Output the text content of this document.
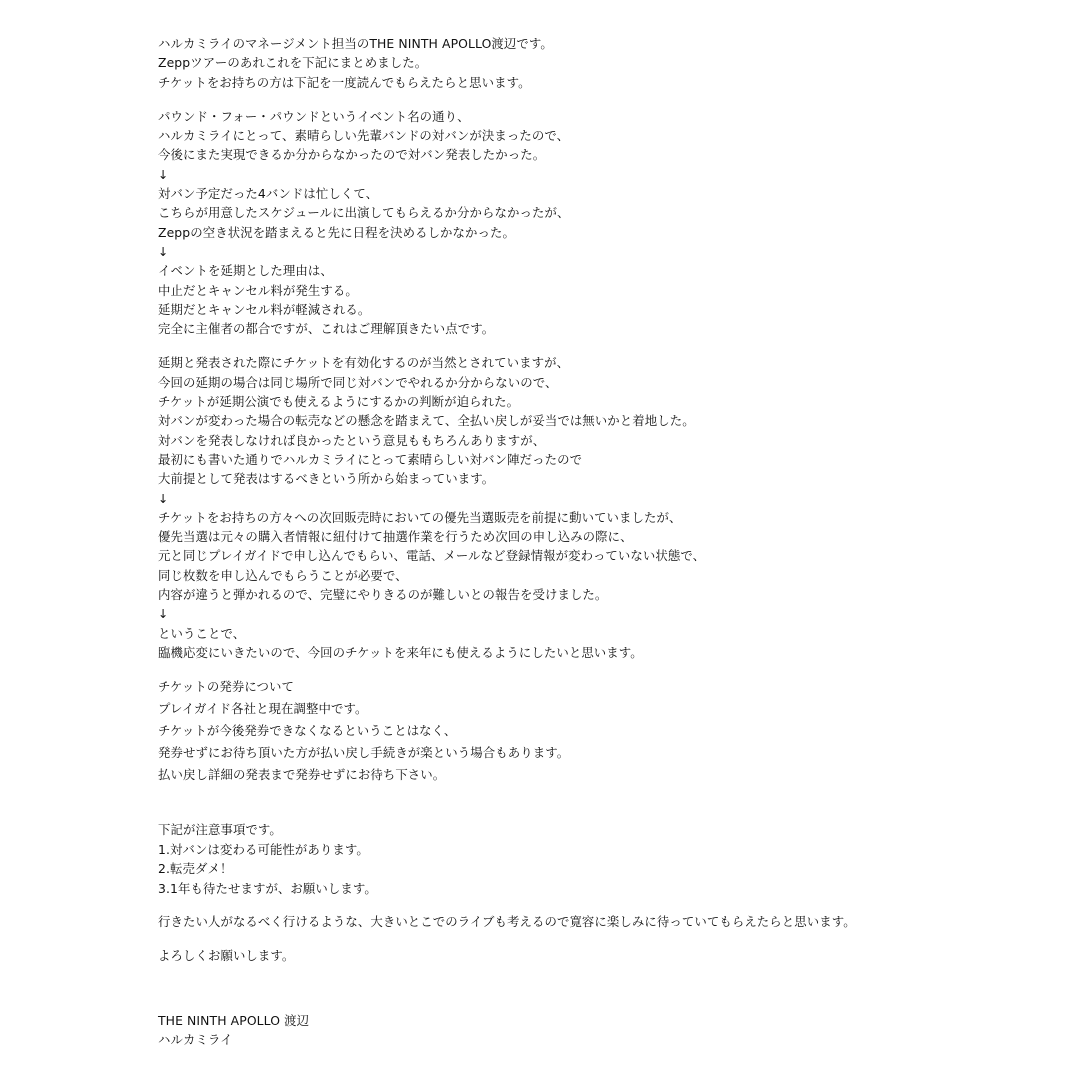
ハルカミライのマネージメント担当のTHE NINTH APOLLO渡辺です。
Zeppツアーのあれこれを下記にまとめました。
チケットをお持ちの方は下記を一度読んでもらえたらと思います。
パウンド・フォー・パウンドというイベント名の通り、
ハルカミライにとって、素晴らしい先輩バンドの対バンが決まったので、
今後にまた実現できるか分からなかったので対バン発表したかった。
↓
対バン予定だった4バンドは忙しくて、
こちらが用意したスケジュールに出演してもらえるか分からなかったが、
Zeppの空き状況を踏まえると先に日程を決めるしかなかった。
↓
イベントを延期とした理由は、
中止だとキャンセル料が発生する。
延期だとキャンセル料が軽減される。
完全に主催者の都合ですが、これはご理解頂きたい点です。
延期と発表された際にチケットを有効化するのが当然とされていますが、
今回の延期の場合は同じ場所で同じ対バンでやれるか分からないので、
チケットが延期公演でも使えるようにするかの判断が迫られた。
対バンが変わった場合の転売などの懸念を踏まえて、全払い戻しが妥当では無いかと着地した。
対バンを発表しなければ良かったという意見ももちろんありますが、
最初にも書いた通りでハルカミライにとって素晴らしい対バン陣だったので
大前提として発表はするべきという所から始まっています。
↓
チケットをお持ちの方々への次回販売時においての優先当選販売を前提に動いていましたが、
優先当選は元々の購入者情報に紐付けて抽選作業を行うため次回の申し込みの際に、
元と同じプレイガイドで申し込んでもらい、電話、メールなど登録情報が変わっていない状態で、
同じ枚数を申し込んでもらうことが必要で、
内容が違うと弾かれるので、完璧にやりきるのが難しいとの報告を受けました。
↓
ということで、
臨機応変にいきたいので、今回のチケットを来年にも使えるようにしたいと思います。
チケットの発券について
プレイガイド各社と現在調整中です。
チケットが今後発券できなくなるということはなく、
発券せずにお待ち頂いた方が払い戻し手続きが楽という場合もあります。
払い戻し詳細の発表まで発券せずにお待ち下さい。
下記が注意事項です。
1.対バンは変わる可能性があります。
2.転売ダメ！
3.1年も待たせますが、お願いします。
行きたい人がなるべく行けるような、大きいとこでのライブも考えるので寛容に楽しみに待っていてもらえたらと思います。
よろしくお願いします。
THE NINTH APOLLO 渡辺
ハルカミライ
